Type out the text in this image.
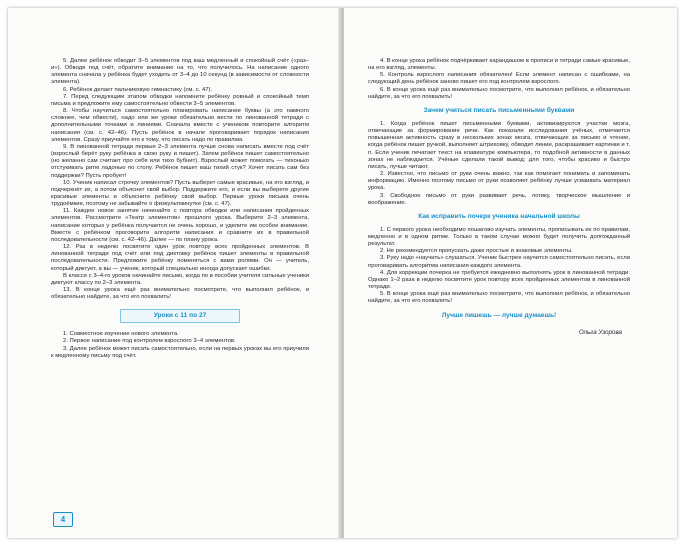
5. Далее ребёнок обводит 3–5 элементов под ваш медленный и спокойный счёт («раз–и»). Обводя под счёт, обратите внимание на то, что получилось. На написание одного элемента сначала у ребёнка будет уходить от 3–4 до 10 секунд (в зависимости от сложности элемента).

6. Ребёнок делает пальчиковую гимнастику (см. с. 47).

7. Перед следующим этапом обводки напомните ребёнку ровный и спокойный темп письма и предложите ему самостоятельно обвести 3–5 элементов.

8. Чтобы научиться самостоятельно планировать написание буквы (а это намного сложнее, чем обвести), надо или же уроки обязательно вести по линованной тетради с дополнительными точками и линиями. Сначала вместе с учеником повторите алгоритм написания (см. с. 42–46). Пусть ребёнок в начале проговаривает порядок написания элементов. Сразу приучайте его к тому, что писать надо по правилам.

9. В линованной тетради первые 2–3 элемента лучше снова написать вместе под счёт (взрослый берёт руку ребёнка в свою руку и пишет). Затем ребёнок пишет самостоятельно (но желанно сам считает про себя или тихо бубнит). Взрослый может помогать — тихонько отстукивать ритм ладонью по столу. Ребёнок пишет ваш тихий стук? Хочет писать сам без поддержки? Пусть пробует!

10. Ученик написал строчку элементов? Пусть выберет самые красивые, на его взгляд, и подчеркнёт их, а потом объяснит свой выбор. Поддержите его, и если вы выберете другие красивые элементы и объясните ребёнку свой выбор. Первые уроки письма очень трудоёмкие, поэтому не забывайте о физкультминутке (см. с. 47).

11. Каждое новое занятие начинайте с повтора обводки или написания пройденных элементов. Рассмотрите «Театр элементов» прошлого урока. Выберите 2–3 элемента, написание которых у ребёнка получается не очень хорошо, и уделите им особое внимание. Вместе с ребёнком проговорите алгоритм написания и сравните их в правильной последовательности (см. с. 42–46). Далее — по плану урока.

12. Раз в неделю посвятите один урок повтору всех пройденных элементов. В линованной тетради под счёт или под диктовку ребёнок пишет элементы в правильной последовательности. Предложите ребёнку поменяться с вами ролями. Он — учитель, который диктует, а вы — ученик, который специально иногда допускает ошибки.

В классе с 3–4-го уроков начинайте письмо, когда по в пособии учителя сильные ученики диктуют классу по 2–3 элемента.

13. В конце урока ещё раз внимательно посмотрите, что выполнил ребёнок, и обязательно найдите, за что его похвалить!

Уроки с 11 по 27

1. Совместное изучение нового элемента.

2. Первое написание под контролем взрослого 3–4 элементов.

3. Далее ребёнок может писать самостоятельно, если на первых уроках вы его приучили к медленному письму под счёт.

4

4. В конце урока ребёнок подчёркивает карандашом в прописи и тетради самые красивые, на его взгляд, элементы.

5. Контроль взрослого написания обязателен! Если элемент написан с ошибками, на следующий день ребёнок заново пишет его под контролем взрослого.

6. В конце урока ещё раз внимательно посмотрите, что выполнил ребёнок, и обязательно найдите, за что его похвалить!

Зачем учиться писать письменными буквами

1. Когда ребёнок пишет письменными буквами, активизируются участки мозга, отвечающие за формирование речи. Как показали исследования учёных, отмечается повышенная активность сразу в нескольких зонах мозга, отвечающих за письмо и чтение, когда ребёнок пишет ручкой, выполняет штриховку, обводит линии, раскрашивает картинки и т. п. Если ученик печатает текст на клавиатуре компьютера, то подобной активности в данных зонах не наблюдается. Учёные сделали такой вывод: для того, чтобы красиво и быстро писать, лучше читают.

2. Известно, что письмо от руки очень важно, так как помогает понимать и запоминать информацию. Именно поэтому письмо от руки позволяет ребёнку лучше усваивать материал урока.

3. Свободное письмо от руки развивает речь, логику, творческое мышление и воображение.

Как исправить почерк ученика начальной школы

1. С первого урока необходимо пошагово изучать элементы, прописывать их по правилам, медленно и в одном ритме. Только в таком случае можно будет получить долгожданный результат.

2. Не рекомендуется пропускать даже простые и знакомые элементы.

3. Руку надо «научить» слушаться. Ученик быстрее научится самостоятельно писать, если проговаривать алгоритма написания каждого элемента.

4. Для коррекции почерка не требуется ежедневно выполнять урок в линованной тетради. Однако 1–2 раза в неделю посвятите урок повтору всех пройденных элементов в линованной тетради.

5. В конце урока ещё раз внимательно посмотрите, что выполнил ребёнок, и обязательно найдите, за что его похвалить!

Лучше пишешь — лучше думаешь!
Ольга Узорова
